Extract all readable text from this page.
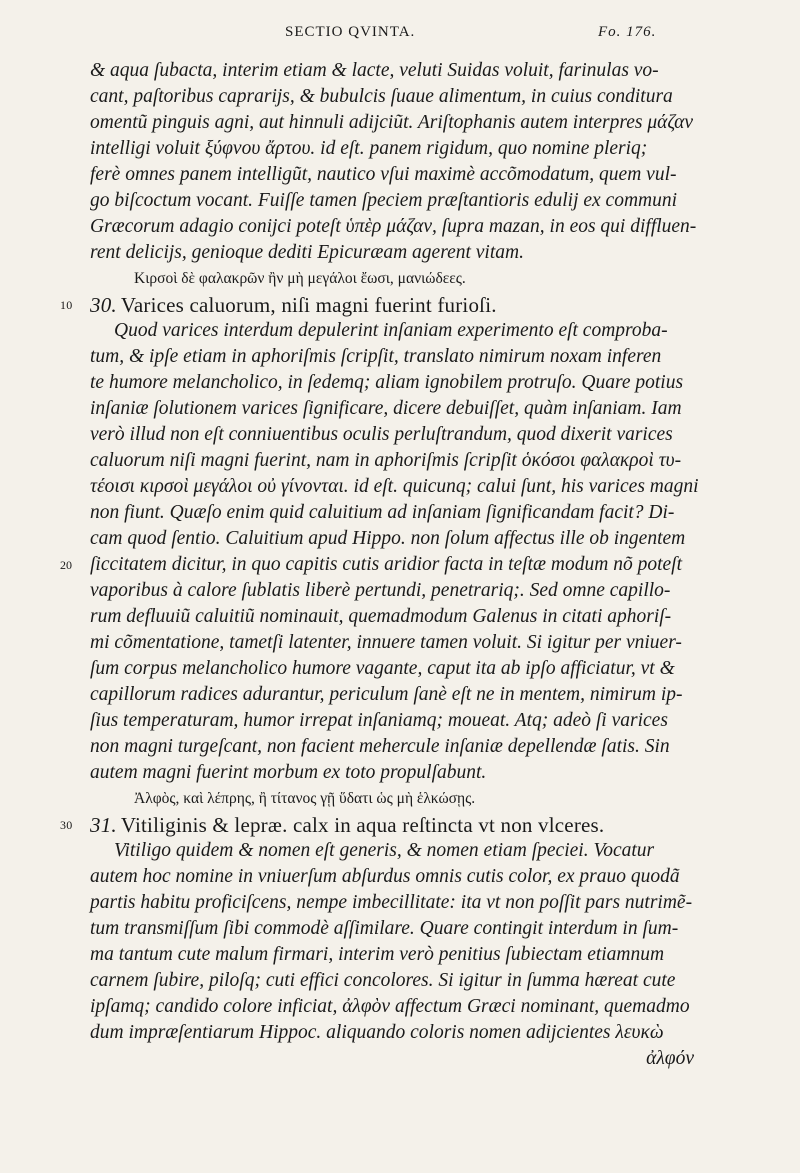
SECTIO QVINTA.	Fo. 176.
& aqua ſubacta, interim etiam & lacte, veluti Suidas voluit, farinulas vo-
cant, paſtoribus caprarijs, & bubulcis ſuaue alimentum, in cuius conditura
omentũ pinguis agni, aut hinnuli adijciũt. Ariſtophanis autem interpres μάζαν
intelligi voluit ξύφνου ἄρτου. id eſt. panem rigidum, quo nomine pleriq;
ferè omnes panem intelligũt, nautico vſui maximè accõmodatum, quem vul-
go biſcoctum vocant. Fuiſſe tamen ſpeciem præſtantioris edulij ex communi
Græcorum adagio conijci poteſt ὑπὲρ μάζαν, ſupra mazan, in eos qui diffluen-
rent delicijs, genioque dediti Epicuræam agerent vitam.
Κιρσοὶ δὲ φαλακρῶν ἢν μὴ μεγάλοι ἔωσι, μανιώδεες.
10 30. Varices caluorum, niſi magni fuerint furioſi.
Quod varices interdum depulerint inſaniam experimento eſt comproba-
tum, & ipſe etiam in aphoriſmis ſcripſit, translato nimirum noxam inferen
te humore melancholico, in ſedemq; aliam ignobilem protruſo. Quare potius
inſaniæ ſolutionem varices ſignificare, dicere debuiſſet, quàm inſaniam. Iam
verò illud non eſt conniuentibus oculis perluſtrandum, quod dixerit varices
caluorum niſi magni fuerint, nam in aphoriſmis ſcripſit ὁκόσοι φαλακροὶ τυ-
τέοισι κιρσοὶ μεγάλοι οὐ γίνονται. id eſt. quicunq; calui ſunt, his varices magni
non fiunt. Quæſo enim quid caluitium ad inſaniam ſignificandam facit? Di-
cam quod ſentio. Caluitium apud Hippo. non ſolum affectus ille ob ingentem
20 ſiccitatem dicitur, in quo capitis cutis aridior facta in teſtæ modum nõ poteſt
vaporibus à calore ſublatis liberè pertundi, penetrariq;. Sed omne capillo-
rum defluuiũ caluitiũ nominauit, quemadmodum Galenus in citati aphoriſ-
mi cõmentatione, tametſi latenter, innuere tamen voluit. Si igitur per vniuer-
ſum corpus melancholico humore vagante, caput ita ab ipſo afficiatur, vt &
capillorum radices adurantur, periculum ſanè eſt ne in mentem, nimirum ip-
ſius temperaturam, humor irrepat inſaniamq; moueat. Atq; adeò ſi varices
non magni turgeſcant, non facient mehercule inſaniæ depellendæ ſatis. Sin
autem magni fuerint morbum ex toto propulſabunt.
Ἀλφὸς, καὶ λέπρης, ἢ τίτανος γῇ ὕδατι ὡς μὴ ἑλκώσῃς.
30 31. Vitiliginis & lepræ. calx in aqua reſtincta vt non vlceres.
Vitiligo quidem & nomen eſt generis, & nomen etiam ſpeciei. Vocatur
autem hoc nomine in vniuerſum abſurdus omnis cutis color, ex prauo quodã
partis habitu proficiſcens, nempe imbecillitate: ita vt non poſſit pars nutrimẽ-
tum transmiſſum ſibi commodè aſſimilare. Quare contingit interdum in ſum-
ma tantum cute malum firmari, interim verò penitius ſubiectam etiamnum
carnem ſubire, piloſq; cuti effici concolores. Si igitur in ſumma hæreat cute
ipſamq; candido colore inficiat, ἀλφὸν affectum Græci nominant, quemadmo
dum impræſentiarum Hippoc. aliquando coloris nomen adijcientes λευκὼ
ἀλφόν
